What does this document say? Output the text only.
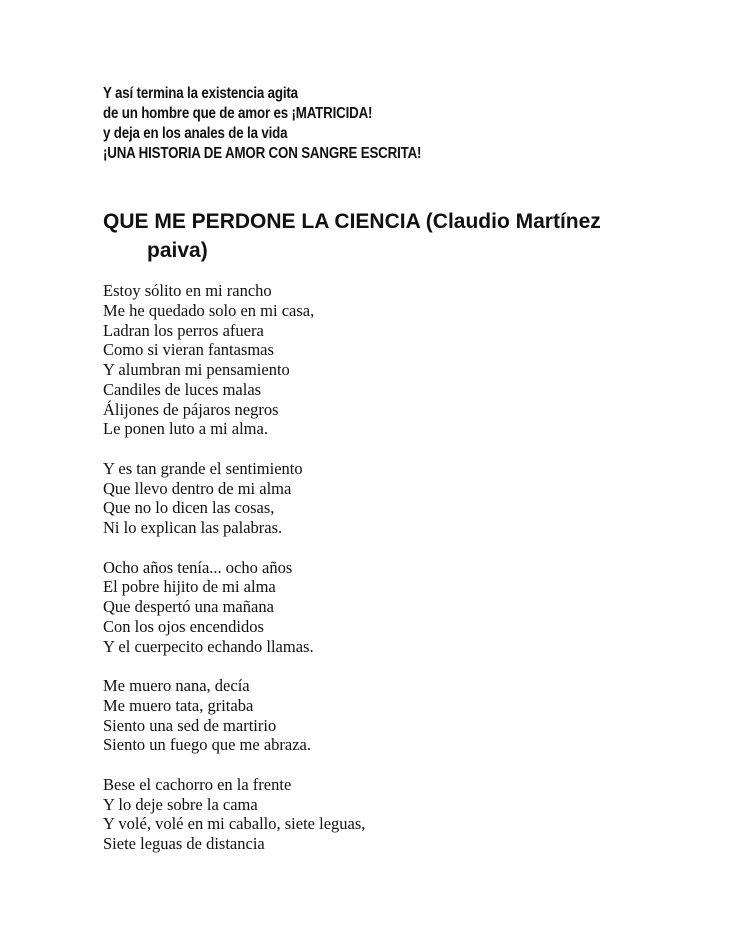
Y así termina la existencia agita
de un hombre que de amor es ¡MATRICIDA!
y deja en los anales de la vida
¡UNA HISTORIA DE AMOR CON SANGRE ESCRITA!
QUE ME PERDONE LA CIENCIA (Claudio Martínez
paiva)
Estoy sólito en mi rancho
Me he quedado solo en mi casa,
Ladran los perros afuera
Como si vieran fantasmas
Y alumbran mi pensamiento
Candiles de luces malas
Álijones de pájaros negros
Le ponen luto a mi alma.
Y es tan grande el sentimiento
Que llevo dentro de mi alma
Que no lo dicen las cosas,
Ni lo explican las palabras.
Ocho años tenía... ocho años
El pobre hijito de mi alma
Que despertó una mañana
Con los ojos encendidos
Y el cuerpecito echando llamas.
Me muero nana, decía
Me muero tata, gritaba
Siento una sed de martirio
Siento un fuego que me abraza.
Bese el cachorro en la frente
Y lo deje sobre la cama
Y volé, volé en mi caballo, siete leguas,
Siete leguas de distancia
